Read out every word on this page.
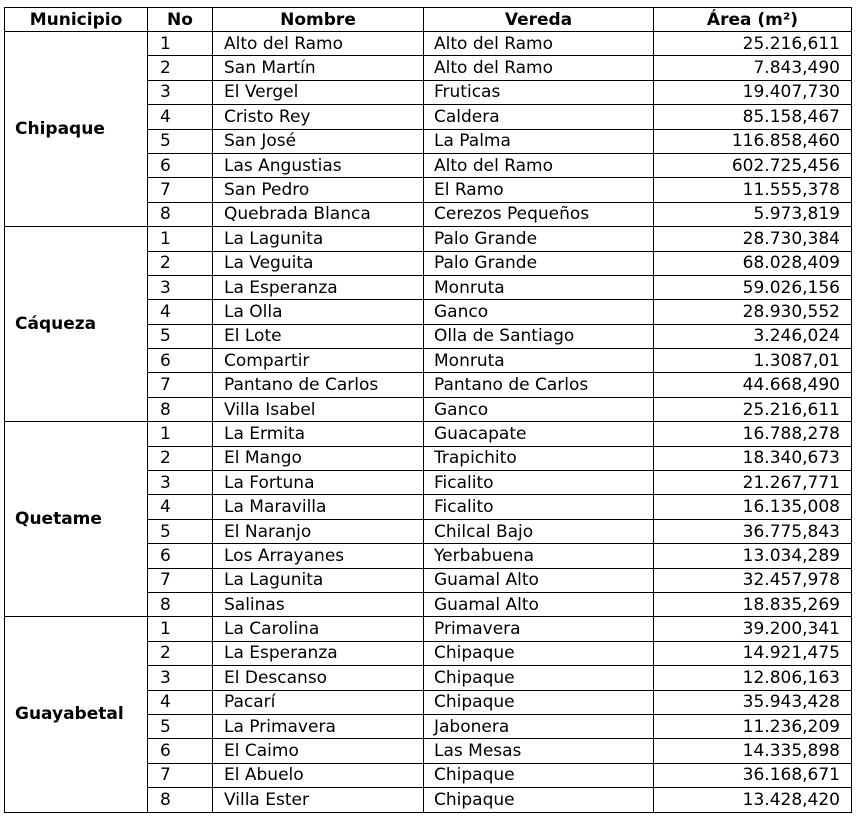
Municipio	No	Nombre	Vereda	Área (m²)
Chipaque	1	Alto del Ramo	Alto del Ramo	25.216,611
	2	San Martín	Alto del Ramo	7.843,490
	3	El Vergel	Fruticas	19.407,730
	4	Cristo Rey	Caldera	85.158,467
	5	San José	La Palma	116.858,460
	6	Las Angustias	Alto del Ramo	602.725,456
	7	San Pedro	El Ramo	11.555,378
	8	Quebrada Blanca	Cerezos Pequeños	5.973,819
Cáqueza	1	La Lagunita	Palo Grande	28.730,384
	2	La Veguita	Palo Grande	68.028,409
	3	La Esperanza	Monruta	59.026,156
	4	La Olla	Ganco	28.930,552
	5	El Lote	Olla de Santiago	3.246,024
	6	Compartir	Monruta	1.3087,01
	7	Pantano de Carlos	Pantano de Carlos	44.668,490
	8	Villa Isabel	Ganco	25.216,611
Quetame	1	La Ermita	Guacapate	16.788,278
	2	El Mango	Trapichito	18.340,673
	3	La Fortuna	Ficalito	21.267,771
	4	La Maravilla	Ficalito	16.135,008
	5	El Naranjo	Chilcal Bajo	36.775,843
	6	Los Arrayanes	Yerbabuena	13.034,289
	7	La Lagunita	Guamal Alto	32.457,978
	8	Salinas	Guamal Alto	18.835,269
Guayabetal	1	La Carolina	Primavera	39.200,341
	2	La Esperanza	Chipaque	14.921,475
	3	El Descanso	Chipaque	12.806,163
	4	Pacarí	Chipaque	35.943,428
	5	La Primavera	Jabonera	11.236,209
	6	El Caimo	Las Mesas	14.335,898
	7	El Abuelo	Chipaque	36.168,671
	8	Villa Ester	Chipaque	13.428,420
